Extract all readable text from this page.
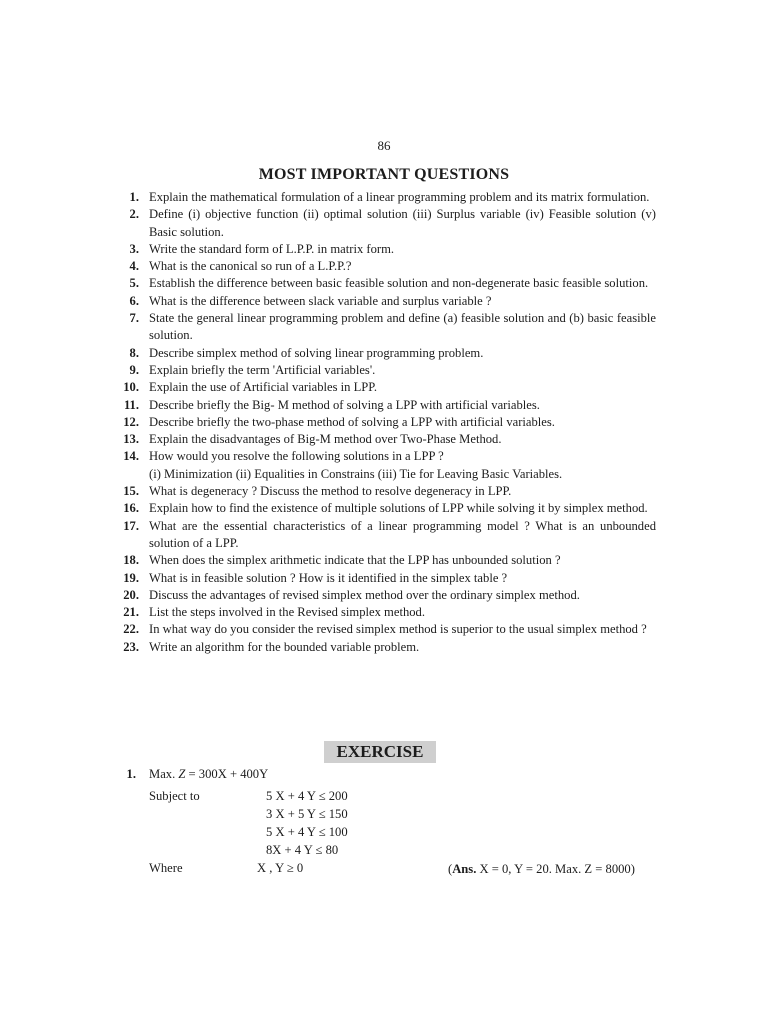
86
MOST IMPORTANT QUESTIONS
1. Explain the mathematical formulation of a linear programming problem and its matrix formulation.
2. Define (i) objective function (ii) optimal solution (iii) Surplus variable (iv) Feasible solution (v) Basic solution.
3. Write the standard form of L.P.P. in matrix form.
4. What is the canonical so run of a L.P.P.?
5. Establish the difference between basic feasible solution and non-degenerate basic feasible solution.
6. What is the difference between slack variable and surplus variable ?
7. State the general linear programming problem and define (a) feasible solution and (b) basic feasible solution.
8. Describe simplex method of solving linear programming problem.
9. Explain briefly the term 'Artificial variables'.
10. Explain the use of Artificial variables in LPP.
11. Describe briefly the Big- M method of solving a LPP with artificial variables.
12. Describe briefly the two-phase method of solving a LPP with artificial variables.
13. Explain the disadvantages of Big-M method over Two-Phase Method.
14. How would you resolve the following solutions in a LPP ?
(i) Minimization (ii) Equalities in Constrains (iii) Tie for Leaving Basic Variables.
15. What is degeneracy ? Discuss the method to resolve degeneracy in LPP.
16. Explain how to find the existence of multiple solutions of LPP while solving it by simplex method.
17. What are the essential characteristics of a linear programming model ? What is an unbounded solution of a LPP.
18. When does the simplex arithmetic indicate that the LPP has unbounded solution ?
19. What is in feasible solution ? How is it identified in the simplex table ?
20. Discuss the advantages of revised simplex method over the ordinary simplex method.
21. List the steps involved in the Revised simplex method.
22. In what way do you consider the revised simplex method is superior to the usual simplex method ?
23. Write an algorithm for the bounded variable problem.
EXERCISE
1. Max. Z = 300X + 400Y
Subject to	5 X + 4 Y ≤ 200
3 X + 5 Y ≤ 150
5 X + 4 Y ≤ 100
8X + 4 Y ≤ 80
Where	X , Y ≥ 0	(Ans. X = 0, Y = 20. Max. Z = 8000)
